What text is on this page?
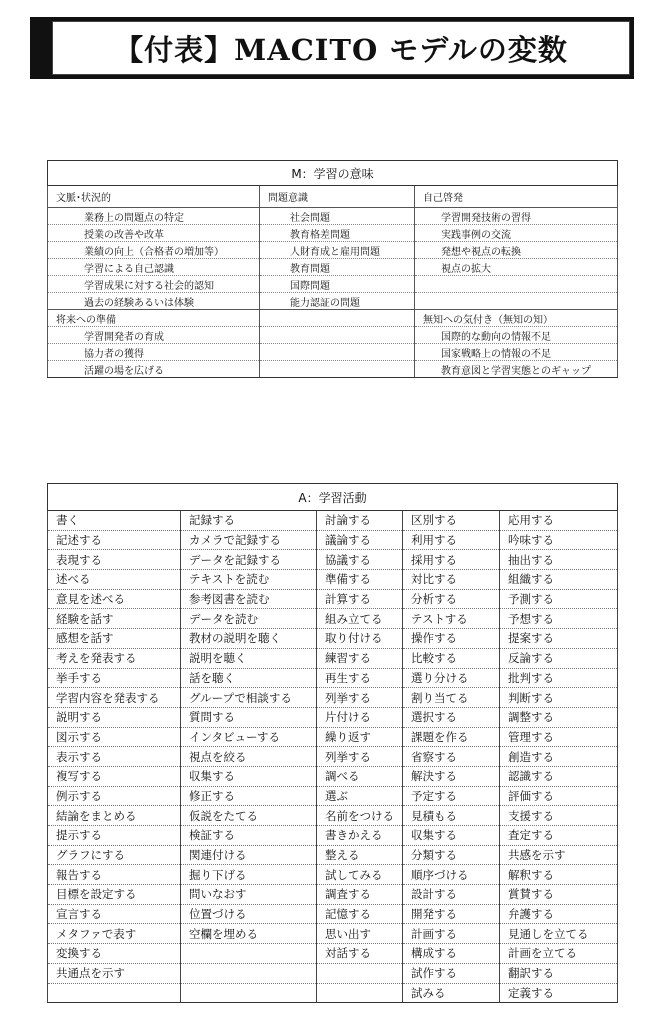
【付表】MACITO モデルの変数
M：学習の意味		
文脈･状況的	問題意識	自己啓発
業務上の問題点の特定	社会問題	学習開発技術の習得
授業の改善や改革	教育格差問題	実践事例の交流
業績の向上（合格者の増加等）	人財育成と雇用問題	発想や視点の転換
学習による自己認識	教育問題	視点の拡大
学習成果に対する社会的認知	国際問題	
過去の経験あるいは体験	能力認証の問題	
将来への準備		無知への気付き（無知の知）
学習開発者の育成		国際的な動向の情報不足
協力者の獲得		国家戦略上の情報の不足
活躍の場を広げる		教育意図と学習実態とのギャップ
A：学習活動				
書く	記録する	討論する	区別する	応用する
記述する	カメラで記録する	議論する	利用する	吟味する
表現する	データを記録する	協議する	採用する	抽出する
述べる	テキストを読む	準備する	対比する	組織する
意見を述べる	参考図書を読む	計算する	分析する	予測する
経験を話す	データを読む	組み立てる	テストする	予想する
感想を話す	教材の説明を聴く	取り付ける	操作する	提案する
考えを発表する	説明を聴く	練習する	比較する	反論する
挙手する	話を聴く	再生する	選り分ける	批判する
学習内容を発表する	グループで相談する	列挙する	割り当てる	判断する
説明する	質問する	片付ける	選択する	調整する
図示する	インタビューする	繰り返す	課題を作る	管理する
表示する	視点を絞る	列挙する	省察する	創造する
複写する	収集する	調べる	解決する	認識する
例示する	修正する	選ぶ	予定する	評価する
結論をまとめる	仮説をたてる	名前をつける	見積もる	支援する
提示する	検証する	書きかえる	収集する	査定する
グラフにする	関連付ける	整える	分類する	共感を示す
報告する	掘り下げる	試してみる	順序づける	解釈する
目標を設定する	問いなおす	調査する	設計する	賞賛する
宣言する	位置づける	記憶する	開発する	弁護する
メタファで表す	空欄を埋める	思い出す	計画する	見通しを立てる
変換する		対話する	構成する	計画を立てる
共通点を示す			試作する	翻訳する
			試みる	定義する
